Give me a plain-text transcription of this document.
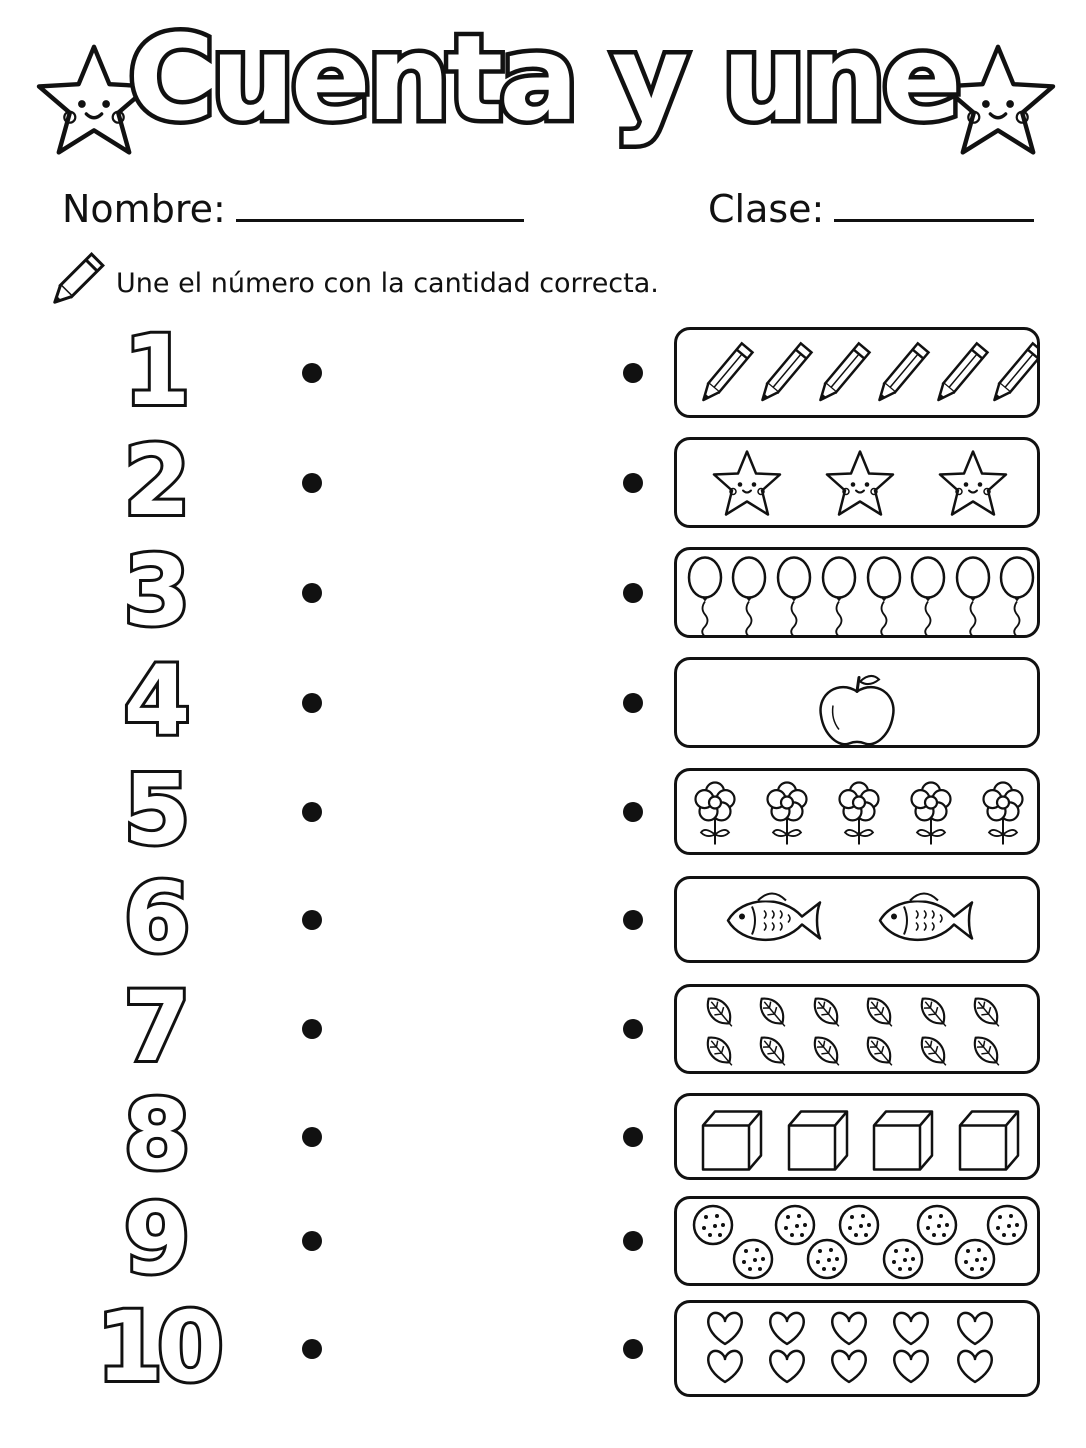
Cuenta y une
Nombre:	Clase:
Une el número con la cantidad correcta.
1
2
3
4
5
6
7
8
9
10
